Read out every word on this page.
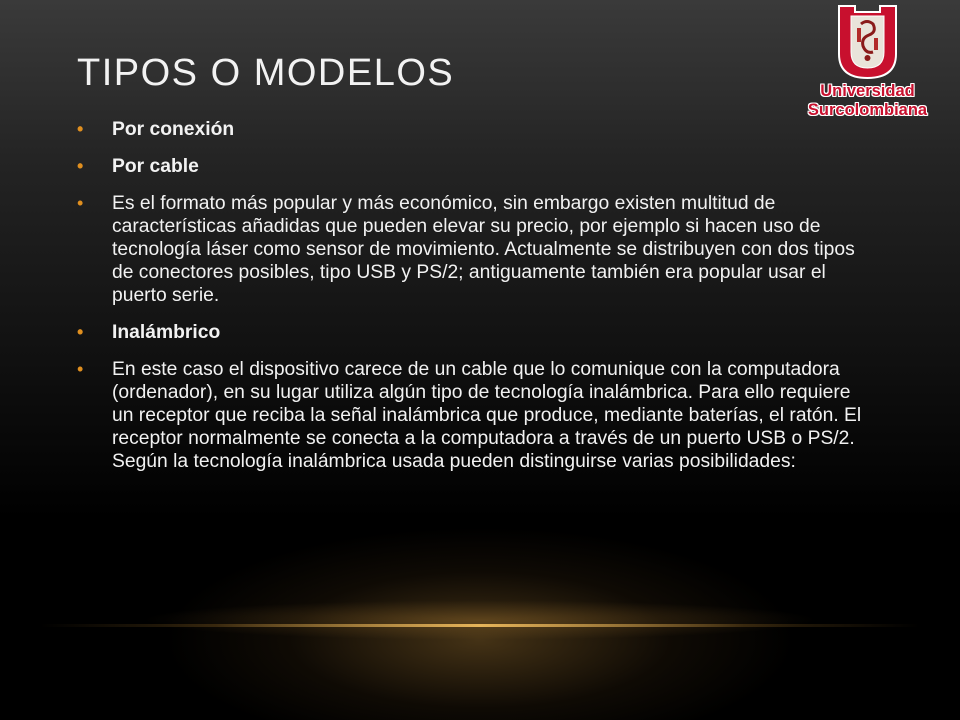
TIPOS O MODELOS	Universidad
Surcolombiana
• Por conexión
• Por cable
• Es el formato más popular y más económico, sin embargo existen multitud de características añadidas que pueden elevar su precio, por ejemplo si hacen uso de tecnología láser como sensor de movimiento. Actualmente se distribuyen con dos tipos de conectores posibles, tipo USB y PS/2; antiguamente también era popular usar el puerto serie.
• Inalámbrico
• En este caso el dispositivo carece de un cable que lo comunique con la computadora (ordenador), en su lugar utiliza algún tipo de tecnología inalámbrica. Para ello requiere un receptor que reciba la señal inalámbrica que produce, mediante baterías, el ratón. El receptor normalmente se conecta a la computadora a través de un puerto USB o PS/2. Según la tecnología inalámbrica usada pueden distinguirse varias posibilidades:
